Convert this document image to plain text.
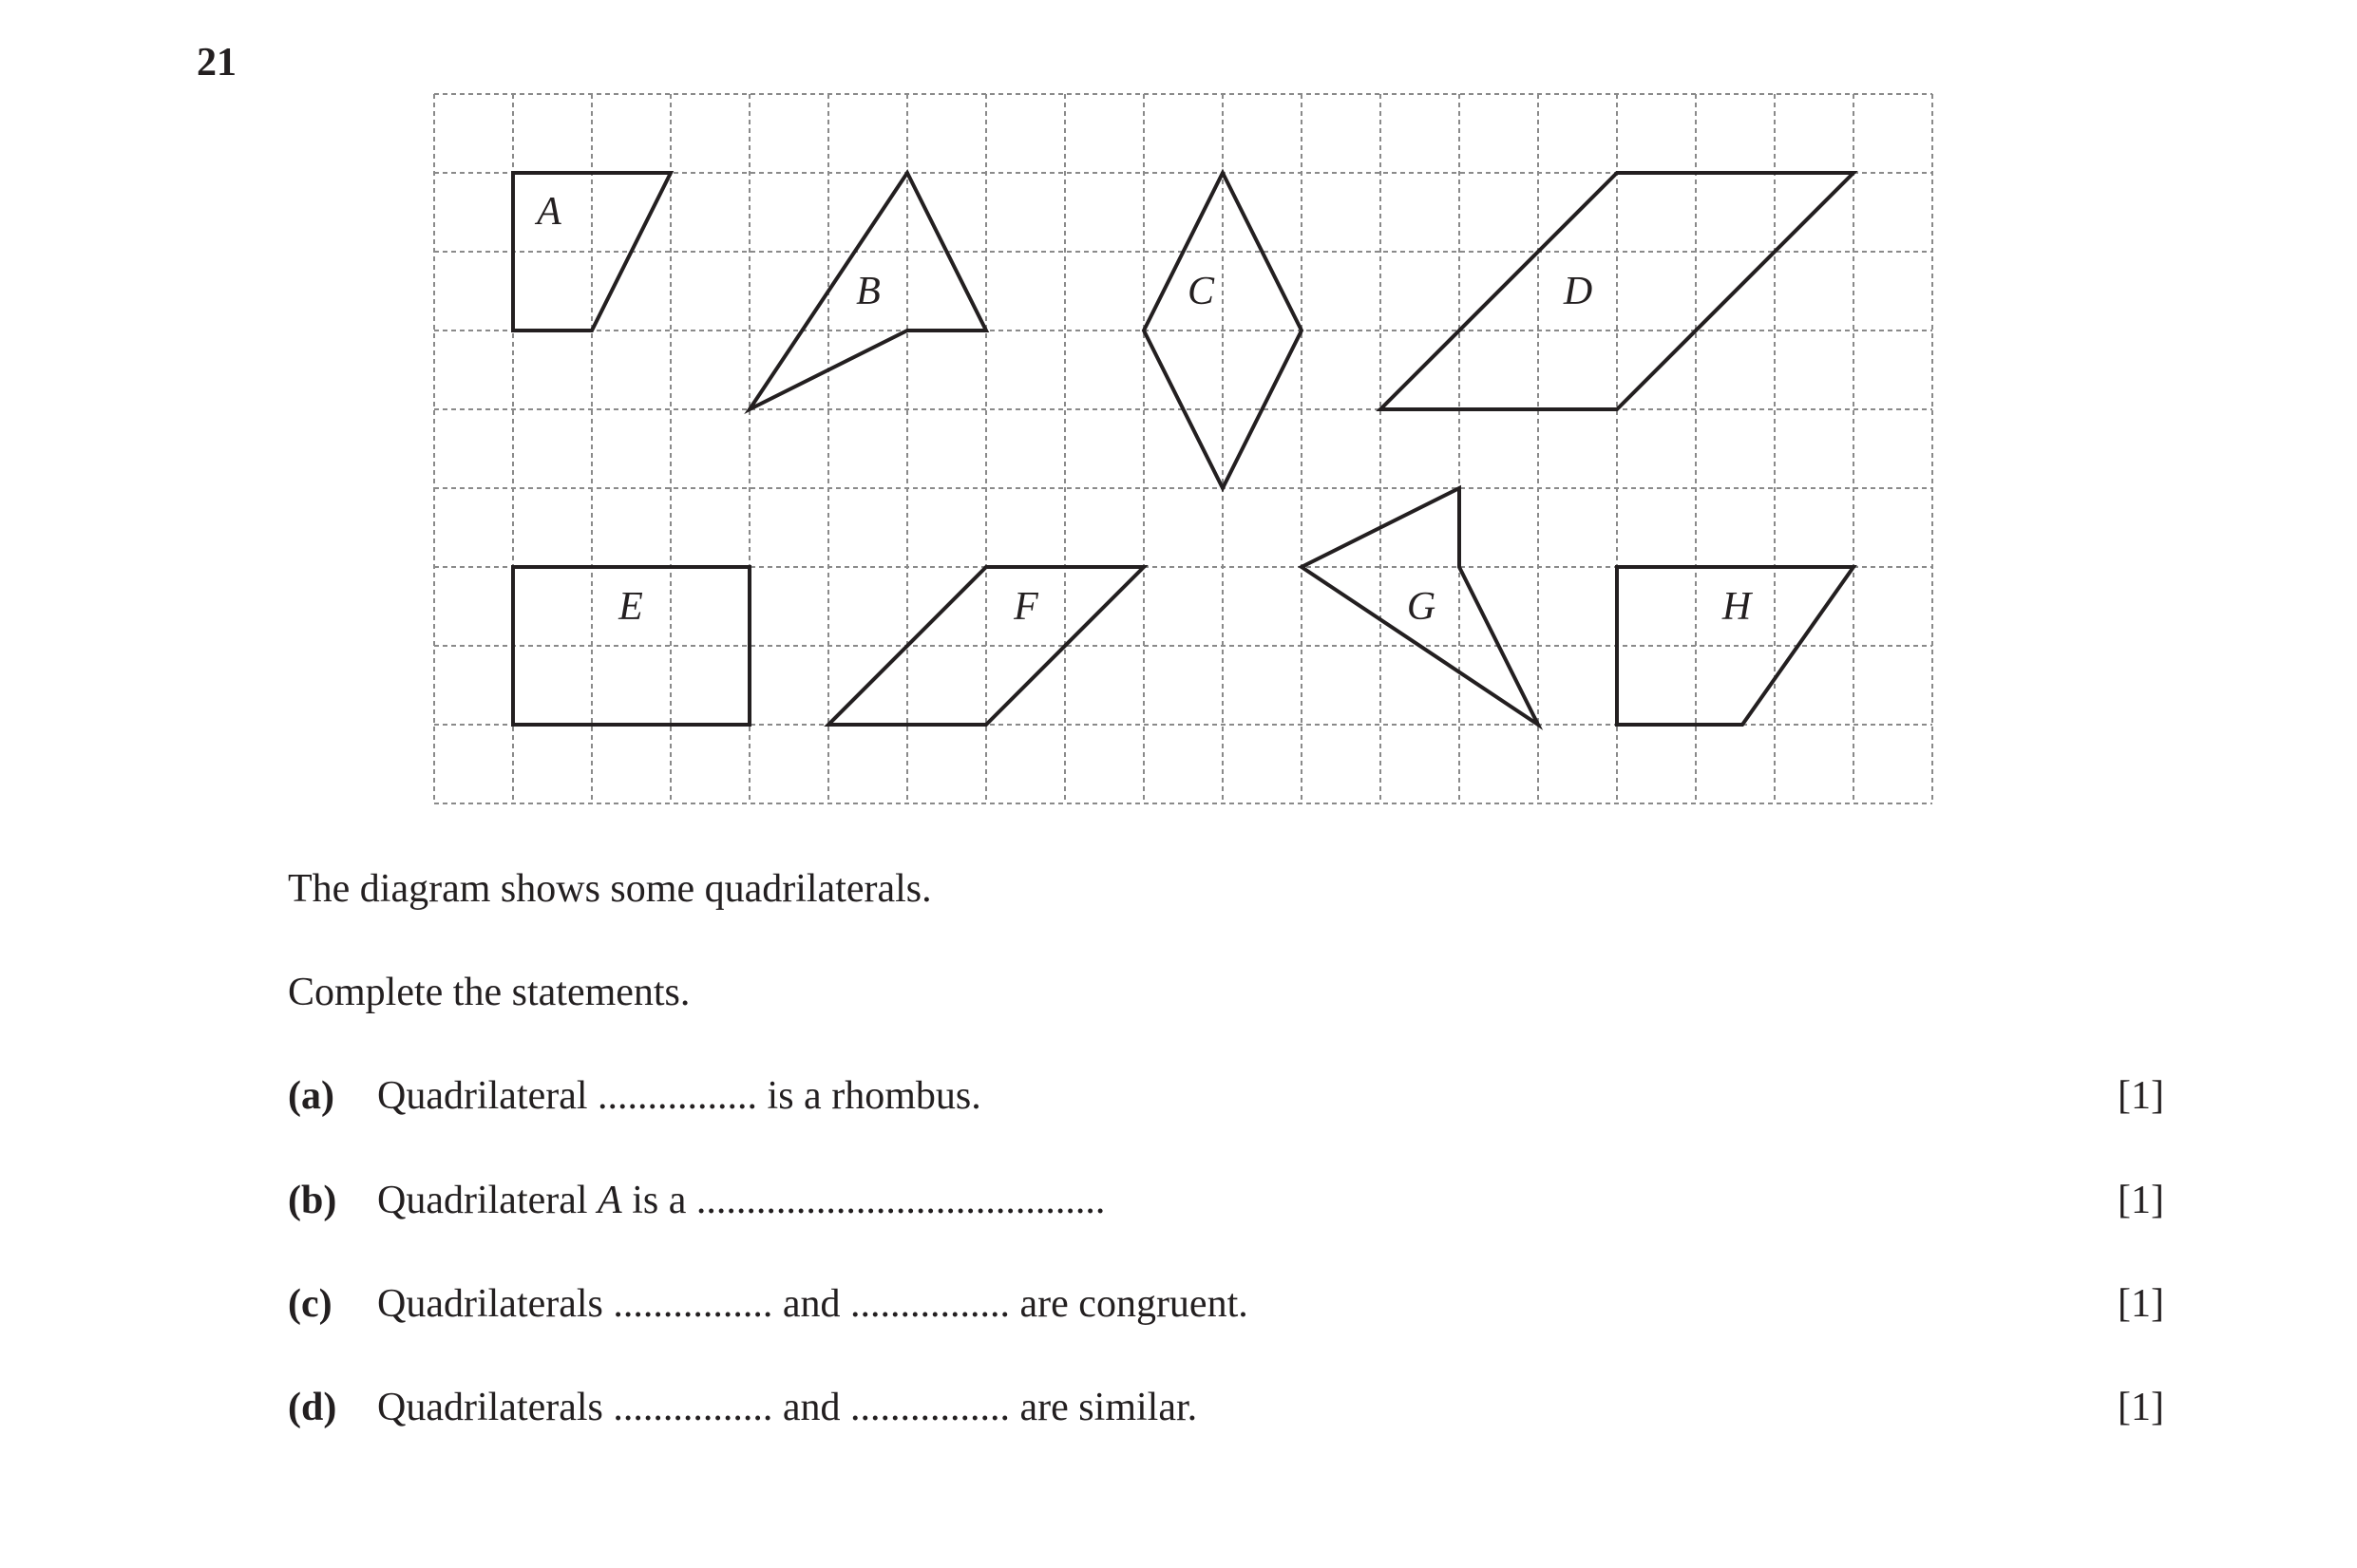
21
A
B	C	D
E	F	G	H
The diagram shows some quadrilaterals.
Complete the statements.
(a) Quadrilateral ................ is a rhombus.	[1]
(b) Quadrilateral A is a .........................................	[1]
(c) Quadrilaterals ................ and ................ are congruent.	[1]
(d) Quadrilaterals ................ and ................ are similar.	[1]
